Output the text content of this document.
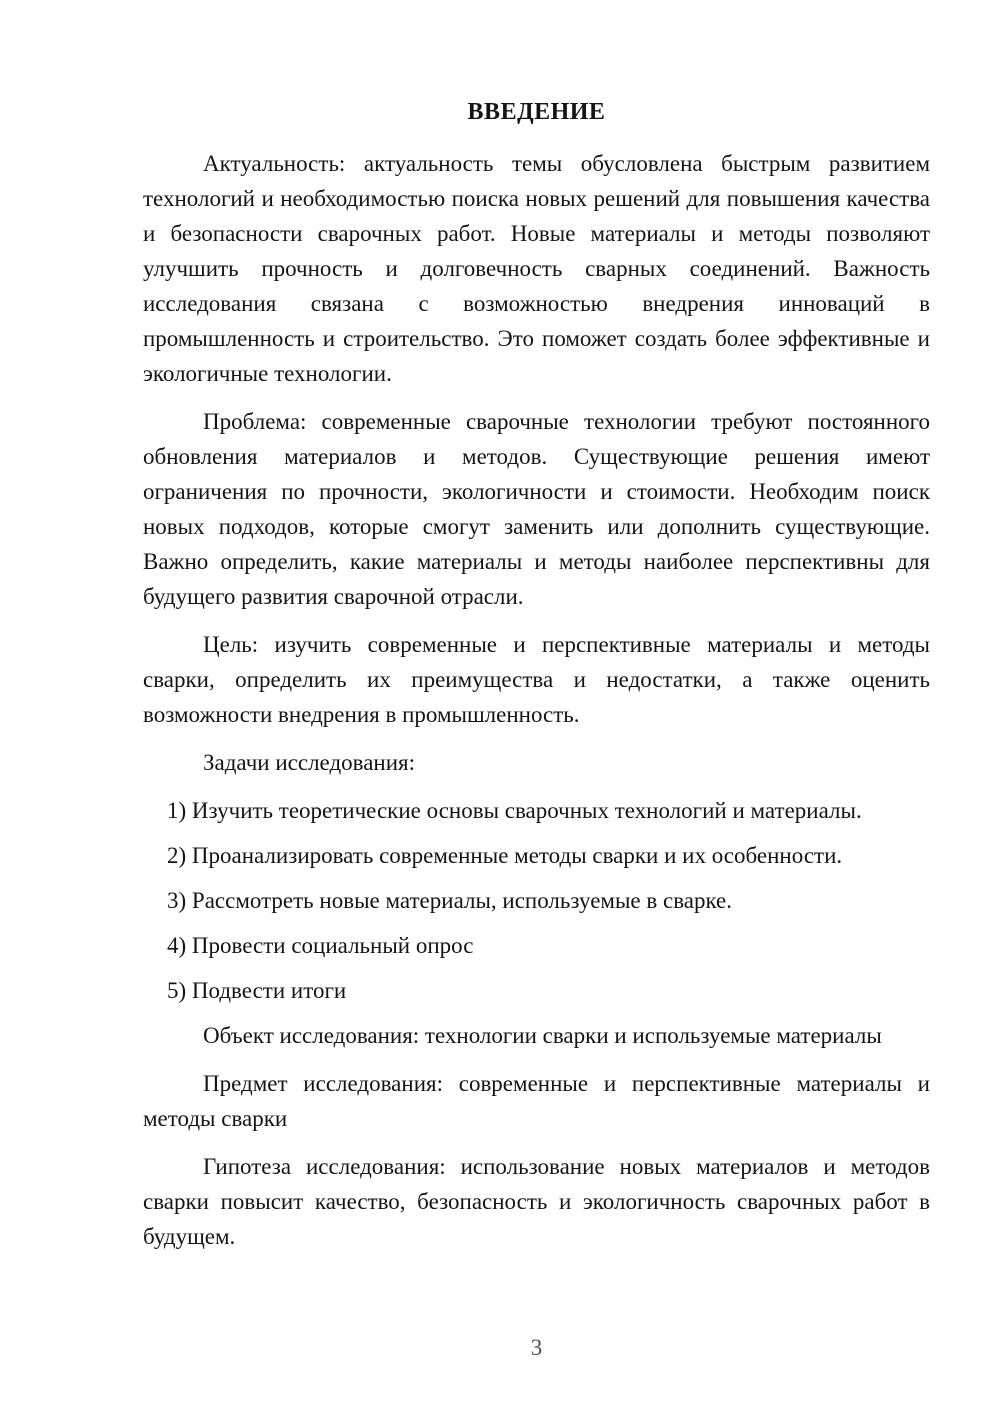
ВВЕДЕНИЕ

Актуальность: актуальность темы обусловлена быстрым развитием технологий и необходимостью поиска новых решений для повышения качества и безопасности сварочных работ. Новые материалы и методы позволяют улучшить прочность и долговечность сварных соединений. Важность исследования связана с возможностью внедрения инноваций в промышленность и строительство. Это поможет создать более эффективные и экологичные технологии.

Проблема: современные сварочные технологии требуют постоянного обновления материалов и методов. Существующие решения имеют ограничения по прочности, экологичности и стоимости. Необходим поиск новых подходов, которые смогут заменить или дополнить существующие. Важно определить, какие материалы и методы наиболее перспективны для будущего развития сварочной отрасли.

Цель: изучить современные и перспективные материалы и методы сварки, определить их преимущества и недостатки, а также оценить возможности внедрения в промышленность.

Задачи исследования:

1) Изучить теоретические основы сварочных технологий и материалы.

2) Проанализировать современные методы сварки и их особенности.

3) Рассмотреть новые материалы, используемые в сварке.

4) Провести социальный опрос

5) Подвести итоги

Объект исследования: технологии сварки и используемые материалы

Предмет исследования: современные и перспективные материалы и методы сварки

Гипотеза исследования: использование новых материалов и методов сварки повысит качество, безопасность и экологичность сварочных работ в будущем.

3
